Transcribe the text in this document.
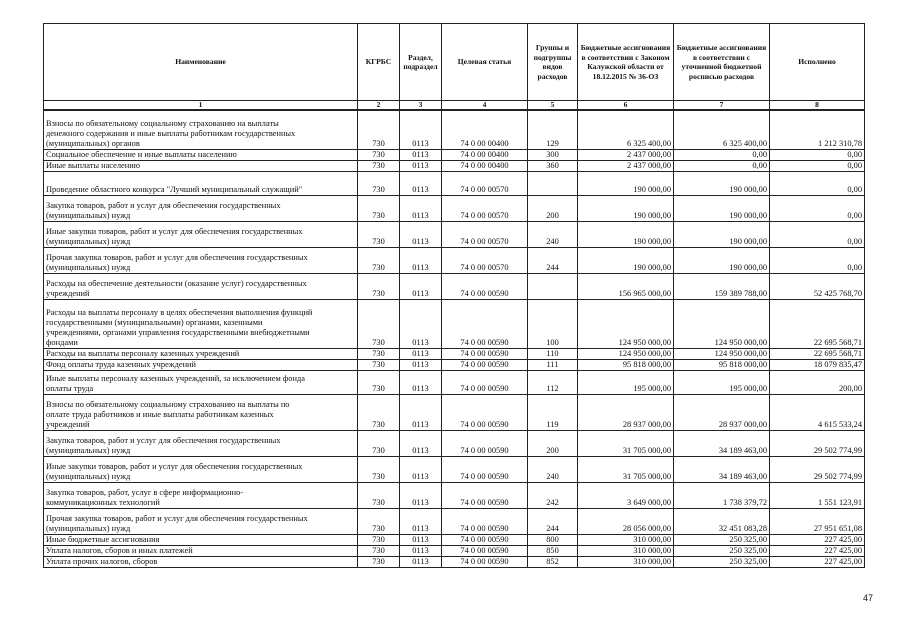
Наименование	КГРБС	Раздел, подраздел	Целевая статья	Группы и подгруппы видов расходов	Бюджетные ассигнования в соответствии с Законом Калужской области от 18.12.2015 № 36-ОЗ	Бюджетные ассигнования в соответствии с уточненной бюджетной росписью расходов	Исполнено
1	2	3	4	5	6	7	8
Взносы по обязательному социальному страхованию на выплаты
денежного содержания и иные выплаты работникам государственных
(муниципальных) органов	730	0113	74 0 00 00400	129	6 325 400,00	6 325 400,00	1 212 310,78
Социальное обеспечение и иные выплаты населению	730	0113	74 0 00 00400	300	2 437 000,00	0,00	0,00
Иные выплаты населению	730	0113	74 0 00 00400	360	2 437 000,00	0,00	0,00
Проведение областного конкурса "Лучший муниципальный служащий"	730	0113	74 0 00 00570		190 000,00	190 000,00	0,00
Закупка товаров, работ и услуг для обеспечения государственных
(муниципальных) нужд	730	0113	74 0 00 00570	200	190 000,00	190 000,00	0,00
Иные закупки товаров, работ и услуг для обеспечения государственных
(муниципальных) нужд	730	0113	74 0 00 00570	240	190 000,00	190 000,00	0,00
Прочая закупка товаров, работ и услуг для обеспечения государственных
(муниципальных) нужд	730	0113	74 0 00 00570	244	190 000,00	190 000,00	0,00
Расходы на обеспечение деятельности (оказание услуг) государственных
учреждений	730	0113	74 0 00 00590		156 965 000,00	159 389 788,00	52 425 768,70
Расходы на выплаты персоналу в целях обеспечения выполнения функций
государственными (муниципальными) органами, казенными
учреждениями, органами управления государственными внебюджетными
фондами	730	0113	74 0 00 00590	100	124 950 000,00	124 950 000,00	22 695 568,71
Расходы на выплаты персоналу казенных учреждений	730	0113	74 0 00 00590	110	124 950 000,00	124 950 000,00	22 695 568,71
Фонд оплаты труда казенных учреждений	730	0113	74 0 00 00590	111	95 818 000,00	95 818 000,00	18 079 835,47
Иные выплаты персоналу казенных учреждений, за исключением фонда
оплаты труда	730	0113	74 0 00 00590	112	195 000,00	195 000,00	200,00
Взносы по обязательному социальному страхованию на выплаты по
оплате труда работников и иные выплаты работникам казенных
учреждений	730	0113	74 0 00 00590	119	28 937 000,00	28 937 000,00	4 615 533,24
Закупка товаров, работ и услуг для обеспечения государственных
(муниципальных) нужд	730	0113	74 0 00 00590	200	31 705 000,00	34 189 463,00	29 502 774,99
Иные закупки товаров, работ и услуг для обеспечения государственных
(муниципальных) нужд	730	0113	74 0 00 00590	240	31 705 000,00	34 189 463,00	29 502 774,99
Закупка товаров, работ, услуг в сфере информационно-
коммуникационных технологий	730	0113	74 0 00 00590	242	3 649 000,00	1 738 379,72	1 551 123,91
Прочая закупка товаров, работ и услуг для обеспечения государственных
(муниципальных) нужд	730	0113	74 0 00 00590	244	28 056 000,00	32 451 083,28	27 951 651,08
Иные бюджетные ассигнования	730	0113	74 0 00 00590	800	310 000,00	250 325,00	227 425,00
Уплата налогов, сборов и иных платежей	730	0113	74 0 00 00590	850	310 000,00	250 325,00	227 425,00
Уплата прочих налогов, сборов	730	0113	74 0 00 00590	852	310 000,00	250 325,00	227 425,00
47
